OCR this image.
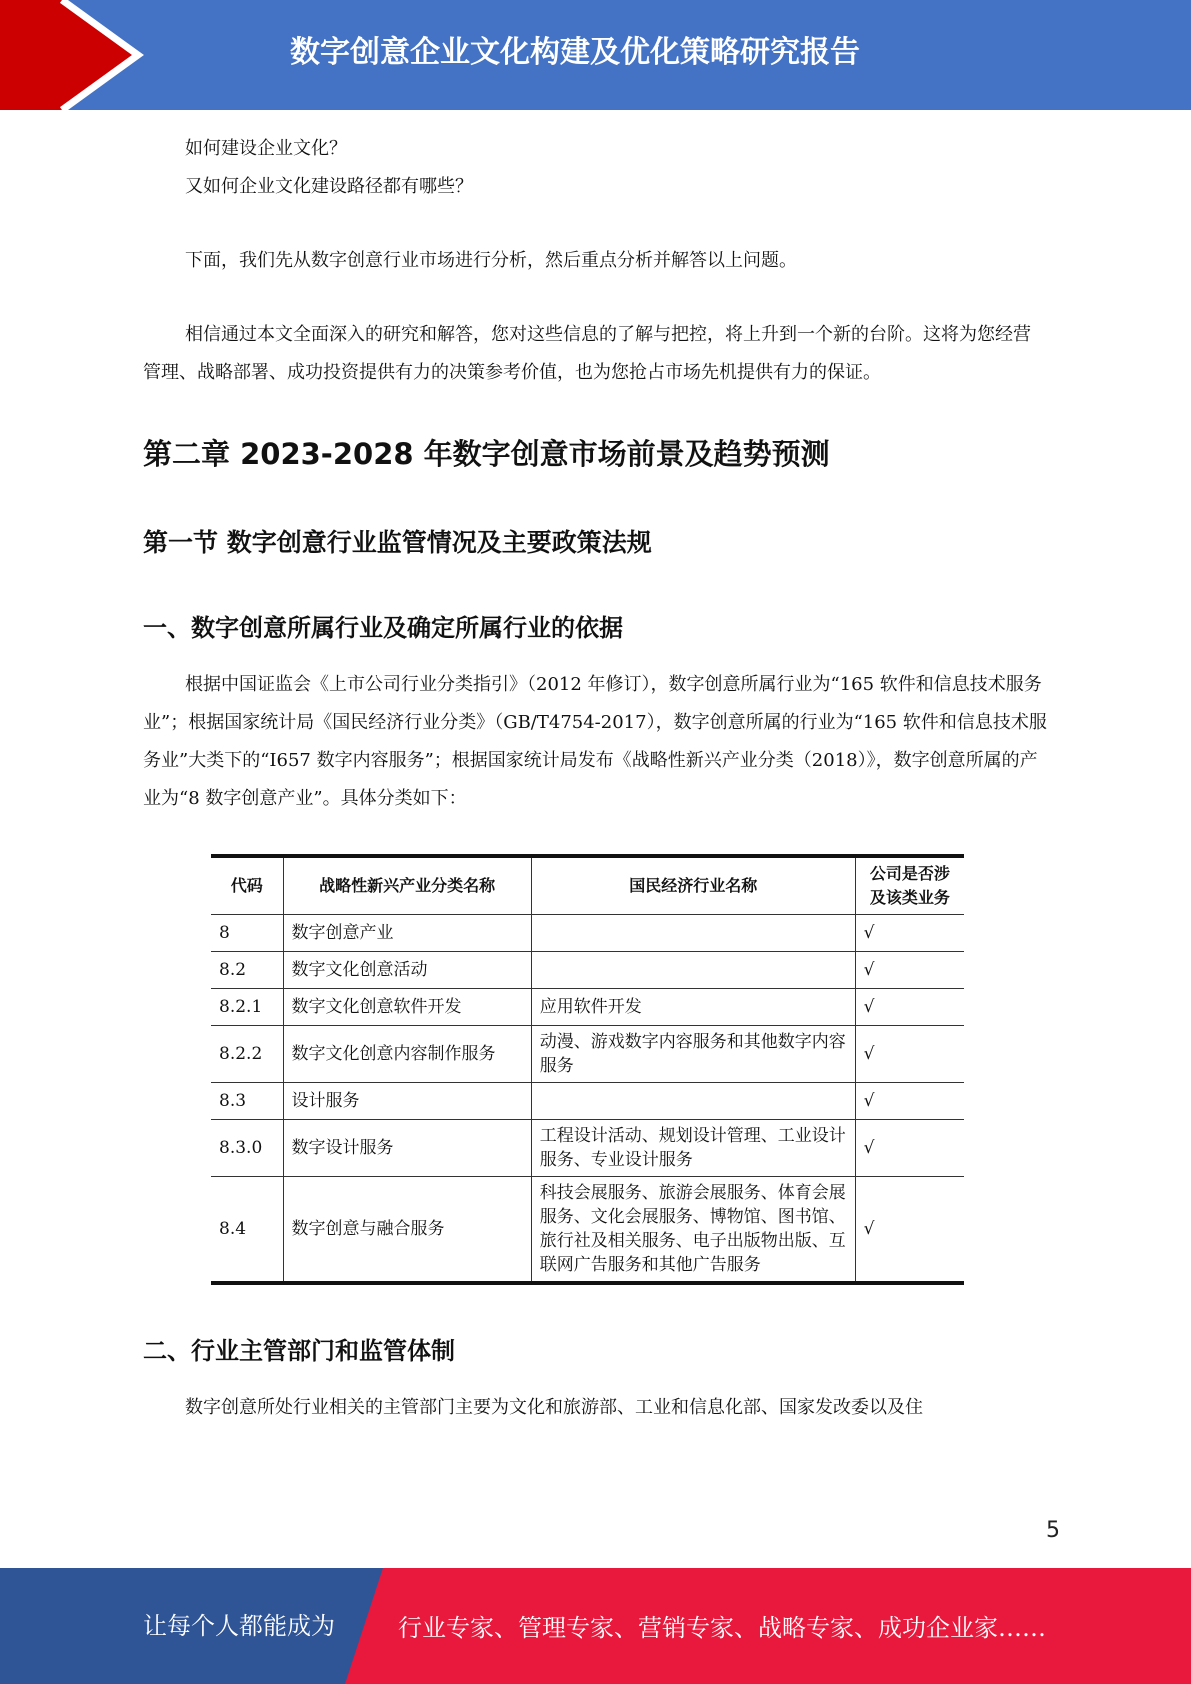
数字创意企业文化构建及优化策略研究报告

如何建设企业文化？

又如何企业文化建设路径都有哪些？

下面，我们先从数字创意行业市场进行分析，然后重点分析并解答以上问题。

相信通过本文全面深入的研究和解答，您对这些信息的了解与把控，将上升到一个新的台阶。这将为您经营管理、战略部署、成功投资提供有力的决策参考价值，也为您抢占市场先机提供有力的保证。

第二章 2023-2028 年数字创意市场前景及趋势预测
第一节 数字创意行业监管情况及主要政策法规
一、数字创意所属行业及确定所属行业的依据

根据中国证监会《上市公司行业分类指引》（2012 年修订），数字创意所属行业为“165 软件和信息技术服务业”；根据国家统计局《国民经济行业分类》（GB/T4754-2017），数字创意所属的行业为“165 软件和信息技术服务业”大类下的“I657 数字内容服务”；根据国家统计局发布《战略性新兴产业分类（2018）》，数字创意所属的产业为“8 数字创意产业”。具体分类如下：

代码	战略性新兴产业分类名称	国民经济行业名称	公司是否涉及该类业务
8	数字创意产业		√
8.2	数字文化创意活动		√
8.2.1	数字文化创意软件开发	应用软件开发	√
8.2.2	数字文化创意内容制作服务	动漫、游戏数字内容服务和其他数字内容服务	√
8.3	设计服务		√
8.3.0	数字设计服务	工程设计活动、规划设计管理、工业设计服务、专业设计服务	√
8.4	数字创意与融合服务	科技会展服务、旅游会展服务、体育会展服务、文化会展服务、博物馆、图书馆、旅行社及相关服务、电子出版物出版、互联网广告服务和其他广告服务	√
二、行业主管部门和监管体制

数字创意所处行业相关的主管部门主要为文化和旅游部、工业和信息化部、国家发改委以及住

5
让每个人都能成为	行业专家、管理专家、营销专家、战略专家、成功企业家……
